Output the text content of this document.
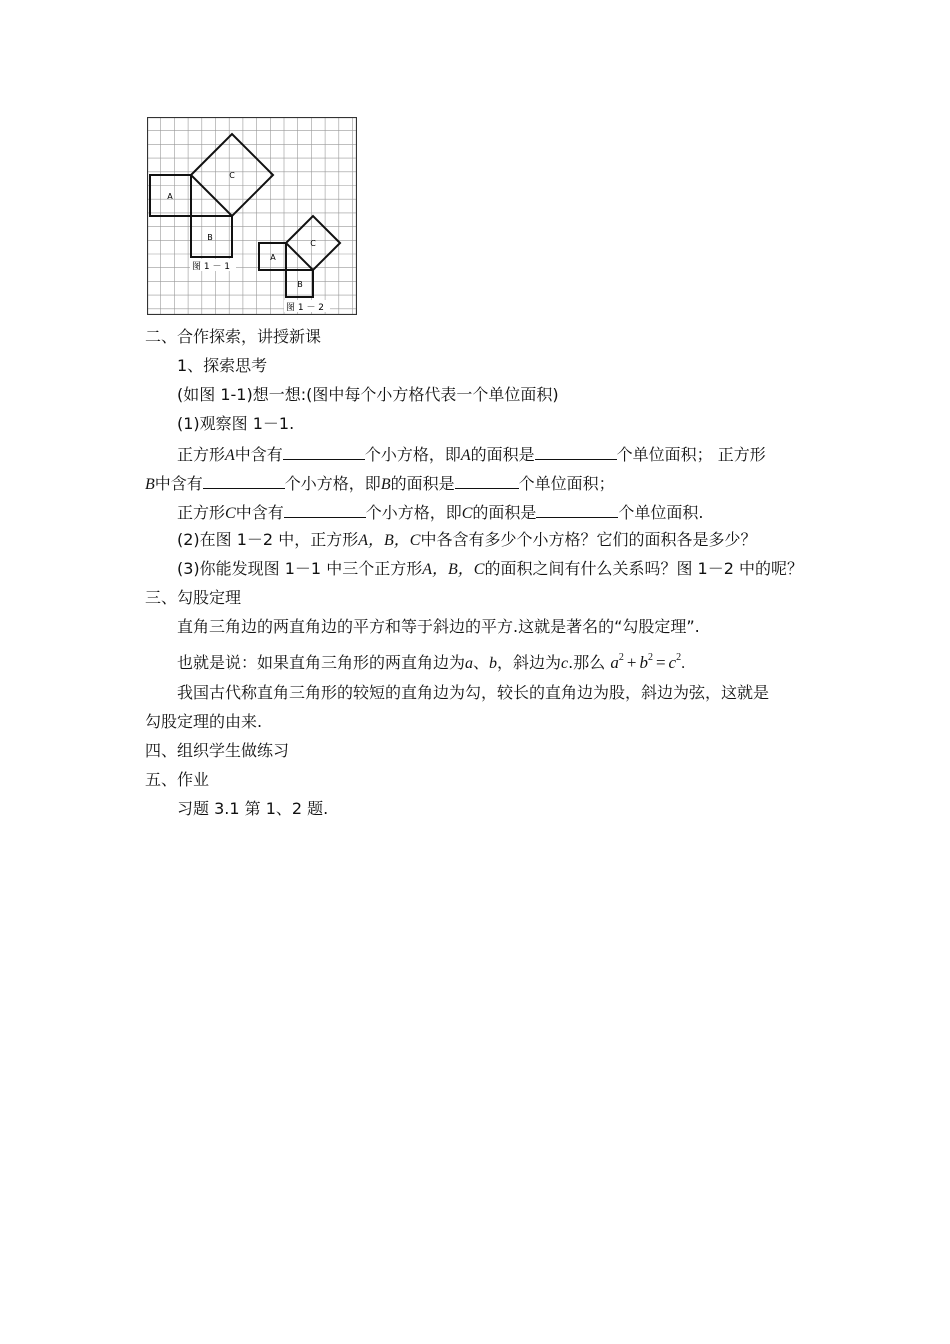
A
B
C
图 1 － 1
A
B
C
图 1 － 2
二、合作探索，讲授新课
1、探索思考
(如图 1-1)想一想:(图中每个小方格代表一个单位面积)
(1)观察图 1－1.
正方形A中含有	个小方格，即A的面积是	个单位面积； 正方形
B中含有	个小方格，即B的面积是	个单位面积；
正方形C中含有	个小方格，即C的面积是	个单位面积.
(2)在图 1－2 中，正方形A，B，C中各含有多少个小方格？它们的面积各是多少？
(3)你能发现图 1－1 中三个正方形A，B，C的面积之间有什么关系吗？图 1－2 中的呢？
三、勾股定理
直角三角边的两直角边的平方和等于斜边的平方.这就是著名的“勾股定理”.
也就是说：如果直角三角形的两直角边为a、b，斜边为c.那么 $a^2 + b^2 = c^2$.
我国古代称直角三角形的较短的直角边为勾，较长的直角边为股，斜边为弦，这就是
勾股定理的由来.
四、组织学生做练习
五、作业
习题 3.1 第 1、2 题.
